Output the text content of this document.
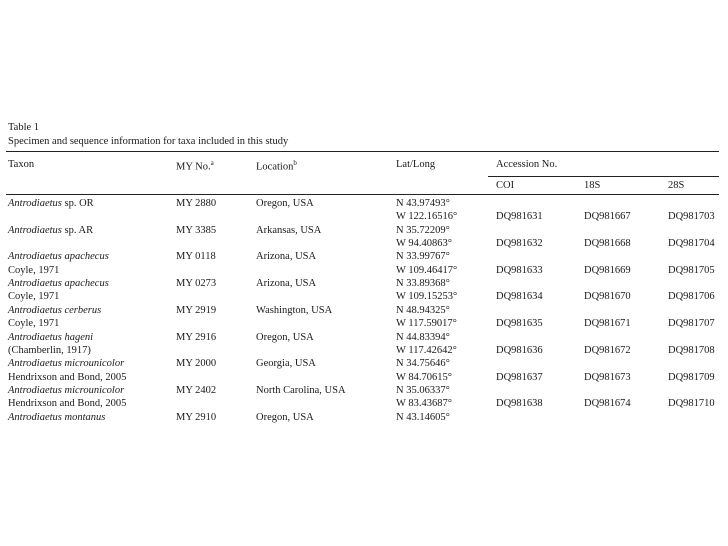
Table 1
Specimen and sequence information for taxa included in this study
Taxon	MY No.$^a$	Location$^b$	Lat/Long	Accession No.
COI	18S	28S
Antrodiaetus sp. OR	MY 2880	Oregon, USA	N 43.97493°
W 122.16516°	DQ981631	DQ981667	DQ981703
Antrodiaetus sp. AR	MY 3385	Arkansas, USA	N 35.72209°
W 94.40863°	DQ981632	DQ981668	DQ981704
Antrodiaetus apachecus	MY 0118	Arizona, USA	N 33.99767°
Coyle, 1971	W 109.46417°	DQ981633	DQ981669	DQ981705
Antrodiaetus apachecus	MY 0273	Arizona, USA	N 33.89368°
Coyle, 1971	W 109.15253°	DQ981634	DQ981670	DQ981706
Antrodiaetus cerberus	MY 2919	Washington, USA	N 48.94325°
Coyle, 1971	W 117.59017°	DQ981635	DQ981671	DQ981707
Antrodiaetus hageni	MY 2916	Oregon, USA	N 44.83394°
(Chamberlin, 1917)	W 117.42642°	DQ981636	DQ981672	DQ981708
Antrodiaetus microunicolor	MY 2000	Georgia, USA	N 34.75646°
Hendrixson and Bond, 2005	W 84.70615°	DQ981637	DQ981673	DQ981709
Antrodiaetus microunicolor	MY 2402	North Carolina, USA	N 35.06337°
Hendrixson and Bond, 2005	W 83.43687°	DQ981638	DQ981674	DQ981710
Antrodiaetus montanus	MY 2910	Oregon, USA	N 43.14605°
